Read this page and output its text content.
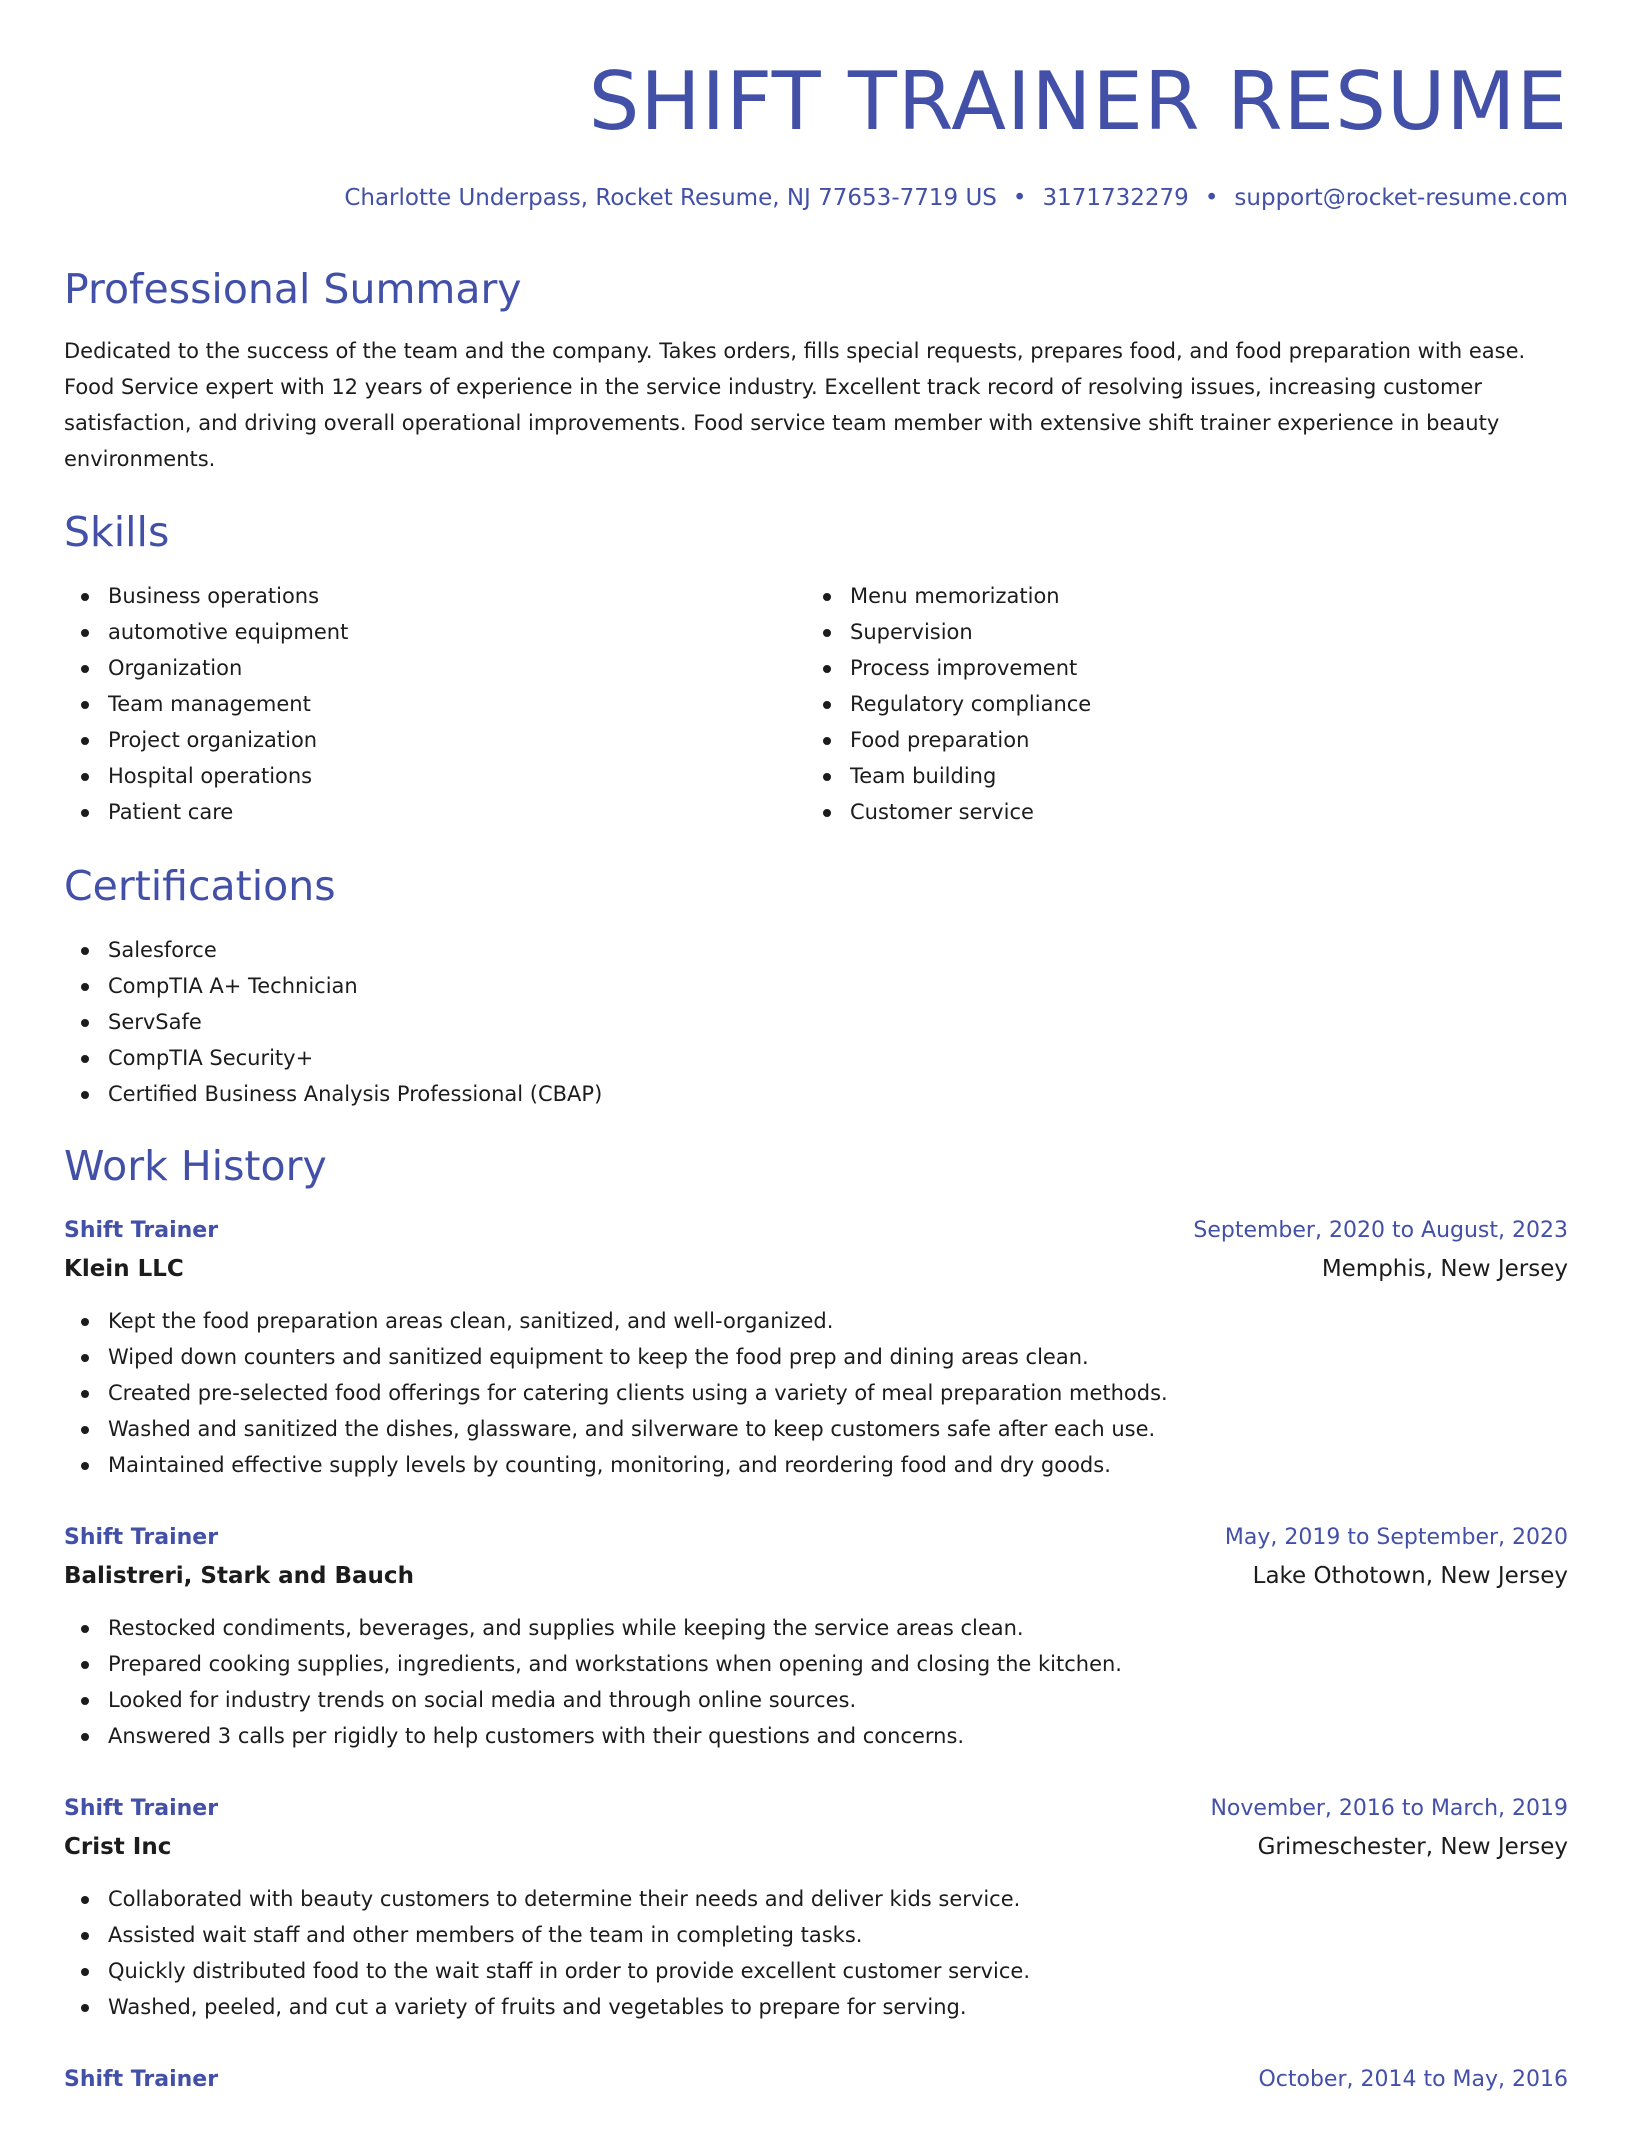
SHIFT TRAINER RESUME
Charlotte Underpass, Rocket Resume, NJ 77653-7719 US • 3171732279 • support@rocket-resume.com
Professional Summary

Dedicated to the success of the team and the company. Takes orders, fills special requests, prepares food, and food preparation with ease. Food Service expert with 12 years of experience in the service industry. Excellent track record of resolving issues, increasing customer satisfaction, and driving overall operational improvements. Food service team member with extensive shift trainer experience in beauty environments.

Skills
Business operations
automotive equipment
Organization
Team management
Project organization
Hospital operations
Patient care
Menu memorization
Supervision
Process improvement
Regulatory compliance
Food preparation
Team building
Customer service
Certifications
Salesforce
CompTIA A+ Technician
ServSafe
CompTIA Security+
Certified Business Analysis Professional (CBAP)
Work History
Shift Trainer	September, 2020 to August, 2023
Klein LLC	Memphis, New Jersey
Kept the food preparation areas clean, sanitized, and well-organized.
Wiped down counters and sanitized equipment to keep the food prep and dining areas clean.
Created pre-selected food offerings for catering clients using a variety of meal preparation methods.
Washed and sanitized the dishes, glassware, and silverware to keep customers safe after each use.
Maintained effective supply levels by counting, monitoring, and reordering food and dry goods.
Shift Trainer	May, 2019 to September, 2020
Balistreri, Stark and Bauch	Lake Othotown, New Jersey
Restocked condiments, beverages, and supplies while keeping the service areas clean.
Prepared cooking supplies, ingredients, and workstations when opening and closing the kitchen.
Looked for industry trends on social media and through online sources.
Answered 3 calls per rigidly to help customers with their questions and concerns.
Shift Trainer	November, 2016 to March, 2019
Crist Inc	Grimeschester, New Jersey
Collaborated with beauty customers to determine their needs and deliver kids service.
Assisted wait staff and other members of the team in completing tasks.
Quickly distributed food to the wait staff in order to provide excellent customer service.
Washed, peeled, and cut a variety of fruits and vegetables to prepare for serving.
Shift Trainer	October, 2014 to May, 2016
